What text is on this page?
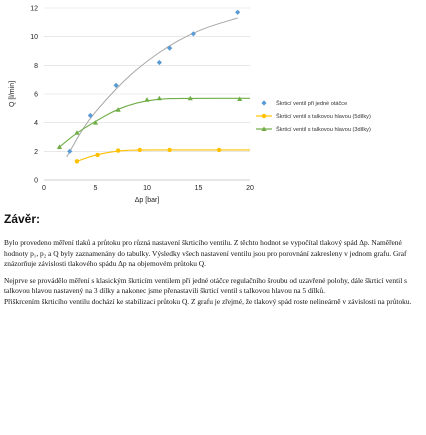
0
2
4
6
8
10
12
0	5	10	15	20
Q [l/min]
Δp [bar]
Škrticí ventil při jedné otáčce
Škrticí ventil s talkovou hlavou (5dílky)
Škrticí ventil s talkovou hlavou (3dílky)
Závěr:

Bylo provedeno měření tlaků a průtoku pro různá nastavení škrticího ventilu. Z těchto hodnot se vypočítal tlakový spád Δp. Naměřené hodnoty p₁, p₂ a Q byly zaznamenány do tabulky. Výsledky všech nastavení ventilu jsou pro porovnání zakresleny v jednom grafu. Graf znázorňuje závislosti tlakového spádu Δp na objemovém průtoku Q.

Nejprve se provádělo měření s klasickým škrticím ventilem při jedné otáčce regulačního šroubu od uzavřené polohy, dále škrticí ventil s talkovou hlavou nastavený na 3 dílky a nakonec jsme přenastavili škrticí ventil s talkovou hlavou na 5 dílků.

Přiškrcením škrticího ventilu dochází ke stabilizaci průtoku Q. Z grafu je zřejmé, že tlakový spád roste nelineárně v závislosti na průtoku.
